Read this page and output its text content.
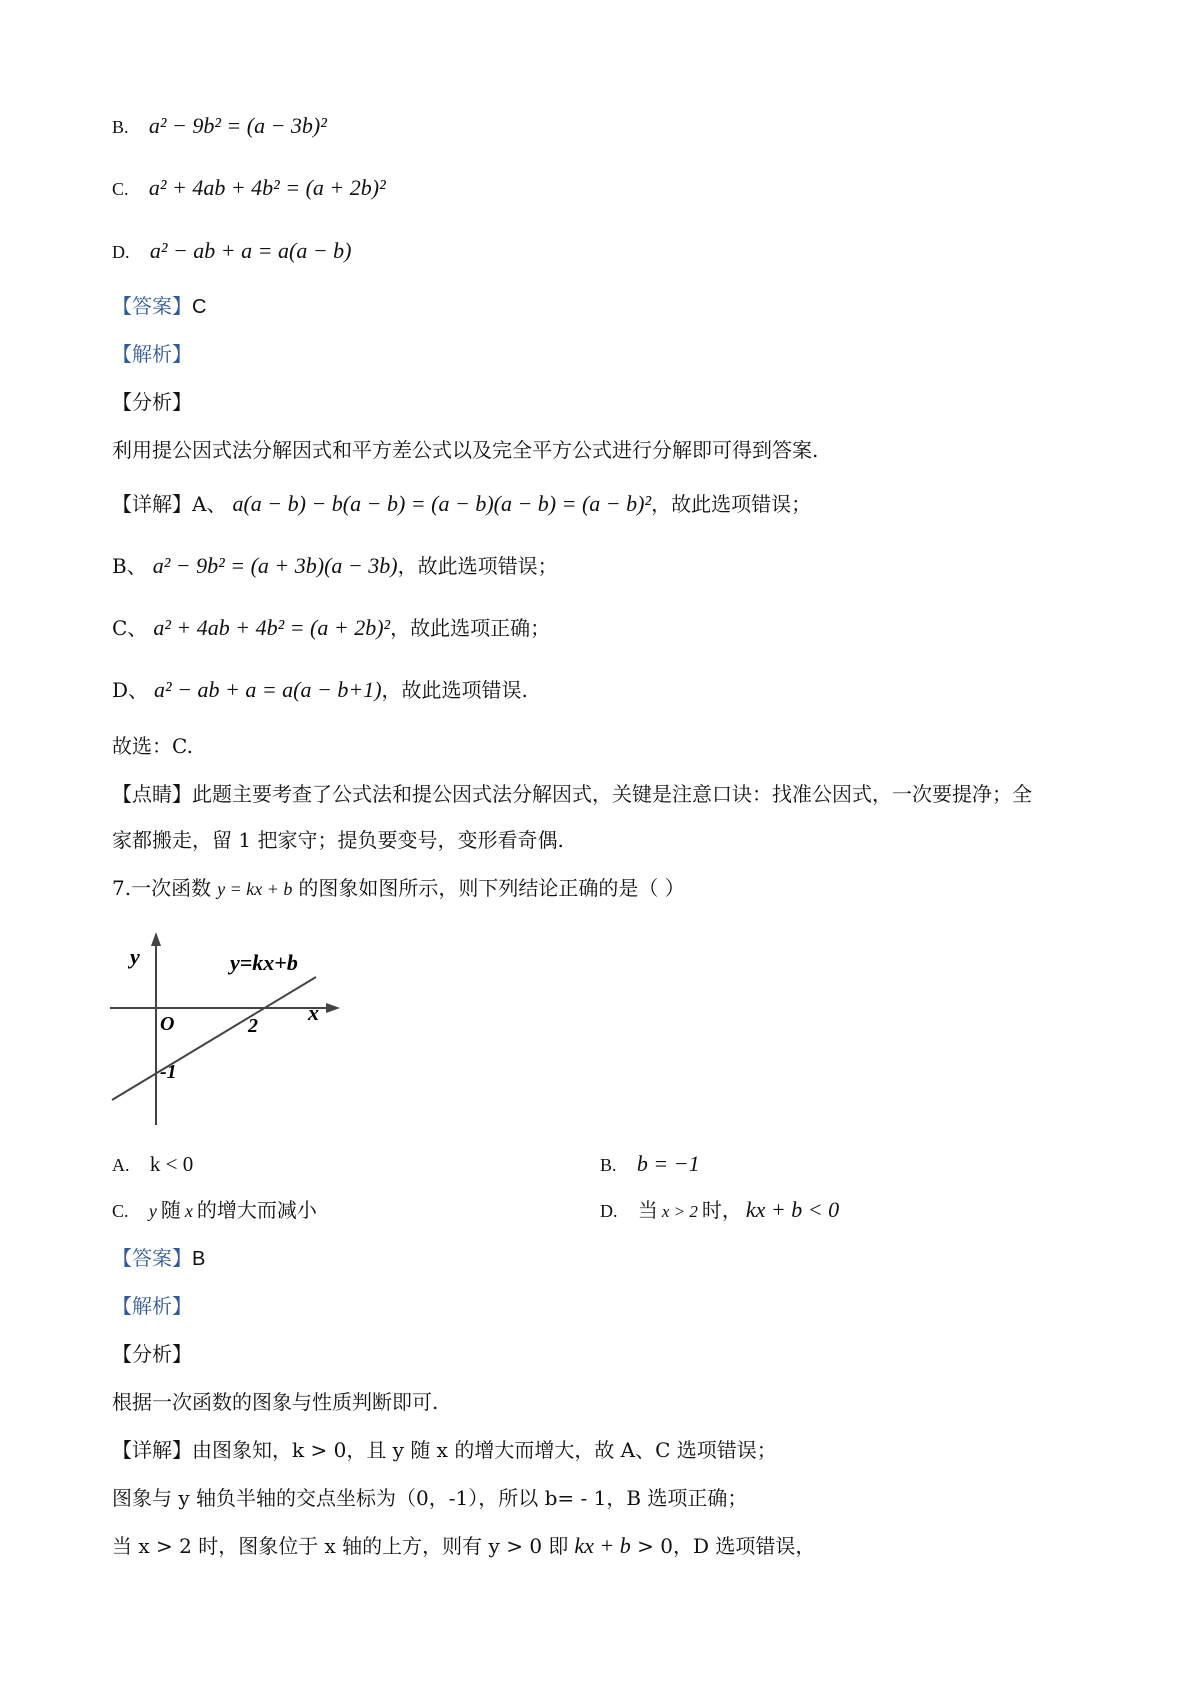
B. a² − 9b² = (a − 3b)²
C. a² + 4ab + 4b² = (a + 2b)²
D. a² − ab + a = a(a − b)
【答案】C
【解析】
【分析】
利用提公因式法分解因式和平方差公式以及完全平方公式进行分解即可得到答案.
【详解】A、 a(a − b) − b(a − b) = (a − b)(a − b) = (a − b)²，故此选项错误；
B、 a² − 9b² = (a + 3b)(a − 3b)，故此选项错误；
C、 a² + 4ab + 4b² = (a + 2b)²，故此选项正确；
D、 a² − ab + a = a(a − b+1)，故此选项错误.
故选：C.
【点睛】此题主要考查了公式法和提公因式法分解因式，关键是注意口诀：找准公因式，一次要提净；全
家都搬走，留 1 把家守；提负要变号，变形看奇偶.
7.一次函数 y = kx + b 的图象如图所示，则下列结论正确的是（ ）
y
x
O	2
-1
y=kx+b
A. k < 0	B. b = −1
C. y 随 x 的增大而减小	D. 当 x > 2 时， kx + b < 0
【答案】B
【解析】
【分析】
根据一次函数的图象与性质判断即可.
【详解】由图象知，k > 0，且 y 随 x 的增大而增大，故 A、C 选项错误；
图象与 y 轴负半轴的交点坐标为（0，-1），所以 b= - 1，B 选项正确；
当 x > 2 时，图象位于 x 轴的上方，则有 y > 0 即 kx + b > 0，D 选项错误，
